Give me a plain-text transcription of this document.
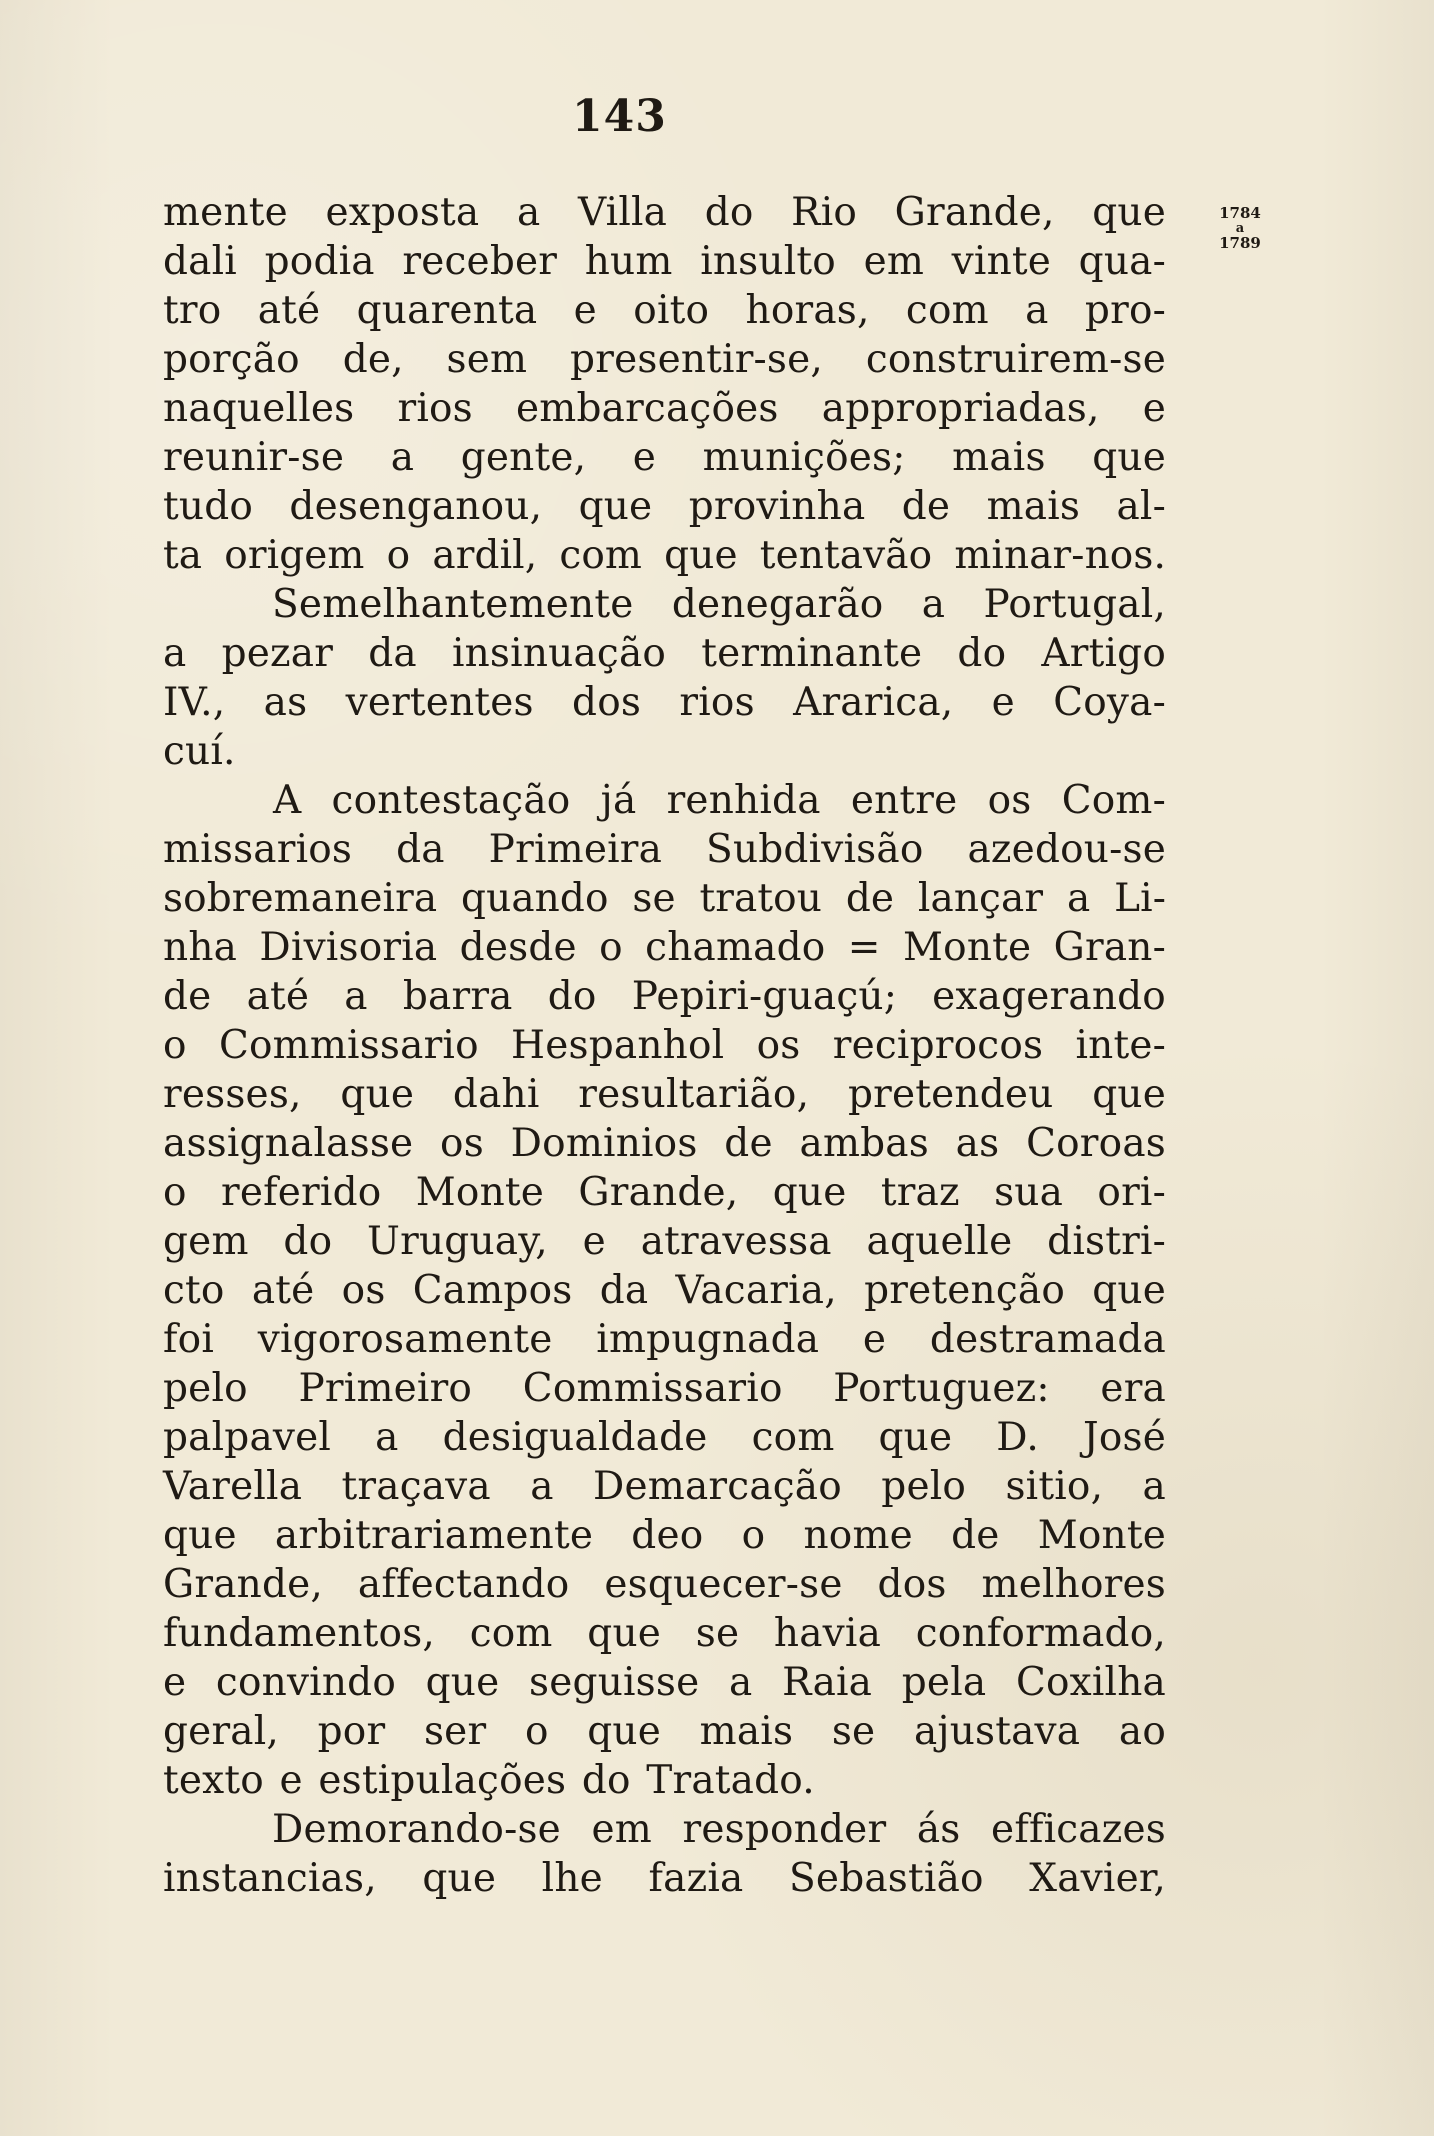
143
1784
a
1789
mente exposta a Villa do Rio Grande, que
dali podia receber hum insulto em vinte qua-
tro até quarenta e oito horas, com a pro-
porção de, sem presentir-se, construirem-se
naquelles rios embarcações appropriadas, e
reunir-se a gente, e munições; mais que
tudo desenganou, que provinha de mais al-
ta origem o ardil, com que tentavão minar-nos.
Semelhantemente denegarão a Portugal,
a pezar da insinuação terminante do Artigo
IV., as vertentes dos rios Ararica, e Coya-
cuí.
A contestação já renhida entre os Com-
missarios da Primeira Subdivisão azedou-se
sobremaneira quando se tratou de lançar a Li-
nha Divisoria desde o chamado = Monte Gran-
de até a barra do Pepiri-guaçú; exagerando
o Commissario Hespanhol os reciprocos inte-
resses, que dahi resultarião, pretendeu que
assignalasse os Dominios de ambas as Coroas
o referido Monte Grande, que traz sua ori-
gem do Uruguay, e atravessa aquelle distri-
cto até os Campos da Vacaria, pretenção que
foi vigorosamente impugnada e destramada
pelo Primeiro Commissario Portuguez: era
palpavel a desigualdade com que D. José
Varella traçava a Demarcação pelo sitio, a
que arbitrariamente deo o nome de Monte
Grande, affectando esquecer-se dos melhores
fundamentos, com que se havia conformado,
e convindo que seguisse a Raia pela Coxilha
geral, por ser o que mais se ajustava ao
texto e estipulações do Tratado.
Demorando-se em responder ás efficazes
instancias, que lhe fazia Sebastião Xavier,
